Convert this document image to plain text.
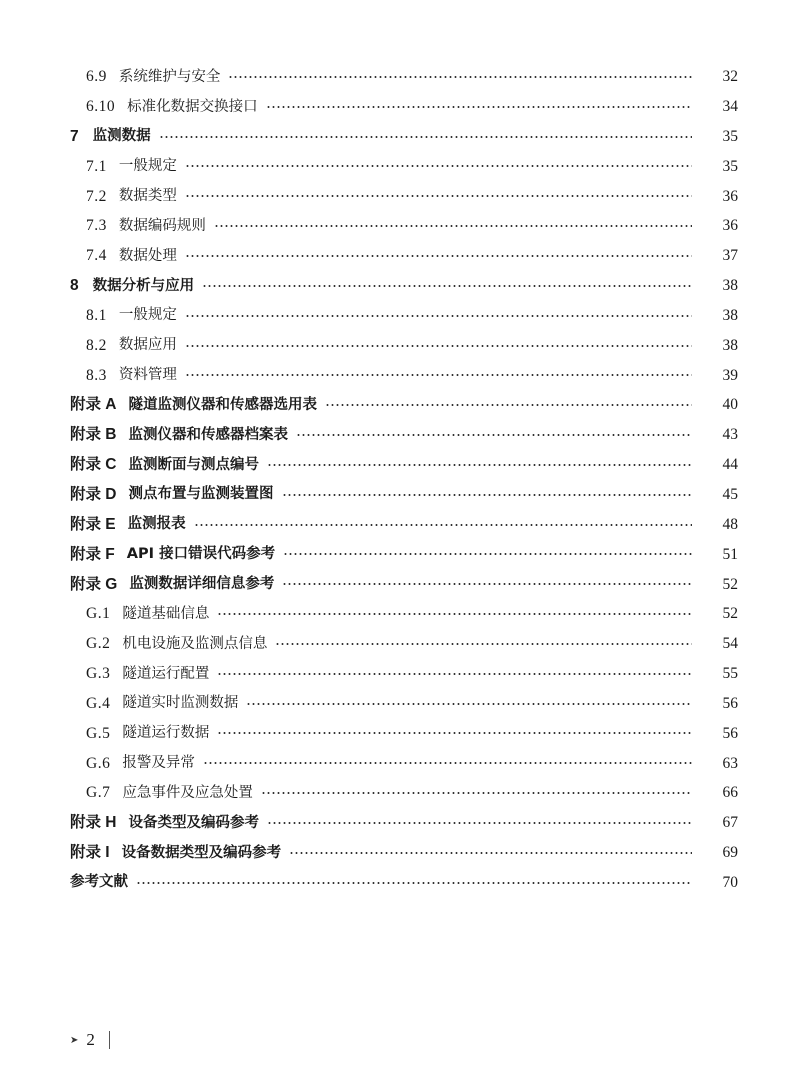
6.9 系统维护与安全	32
6.10 标准化数据交换接口	34
7 监测数据	35
7.1 一般规定	35
7.2 数据类型	36
7.3 数据编码规则	36
7.4 数据处理	37
8 数据分析与应用	38
8.1 一般规定	38
8.2 数据应用	38
8.3 资料管理	39
附录 A 隧道监测仪器和传感器选用表	40
附录 B 监测仪器和传感器档案表	43
附录 C 监测断面与测点编号	44
附录 D 测点布置与监测装置图	45
附录 E 监测报表	48
附录 F API 接口错误代码参考	51
附录 G 监测数据详细信息参考	52
G.1 隧道基础信息	52
G.2 机电设施及监测点信息	54
G.3 隧道运行配置	55
G.4 隧道实时监测数据	56
G.5 隧道运行数据	56
G.6 报警及异常	63
G.7 应急事件及应急处置	66
附录 H 设备类型及编码参考	67
附录 I 设备数据类型及编码参考	69
参考文献	70
➤ 2
